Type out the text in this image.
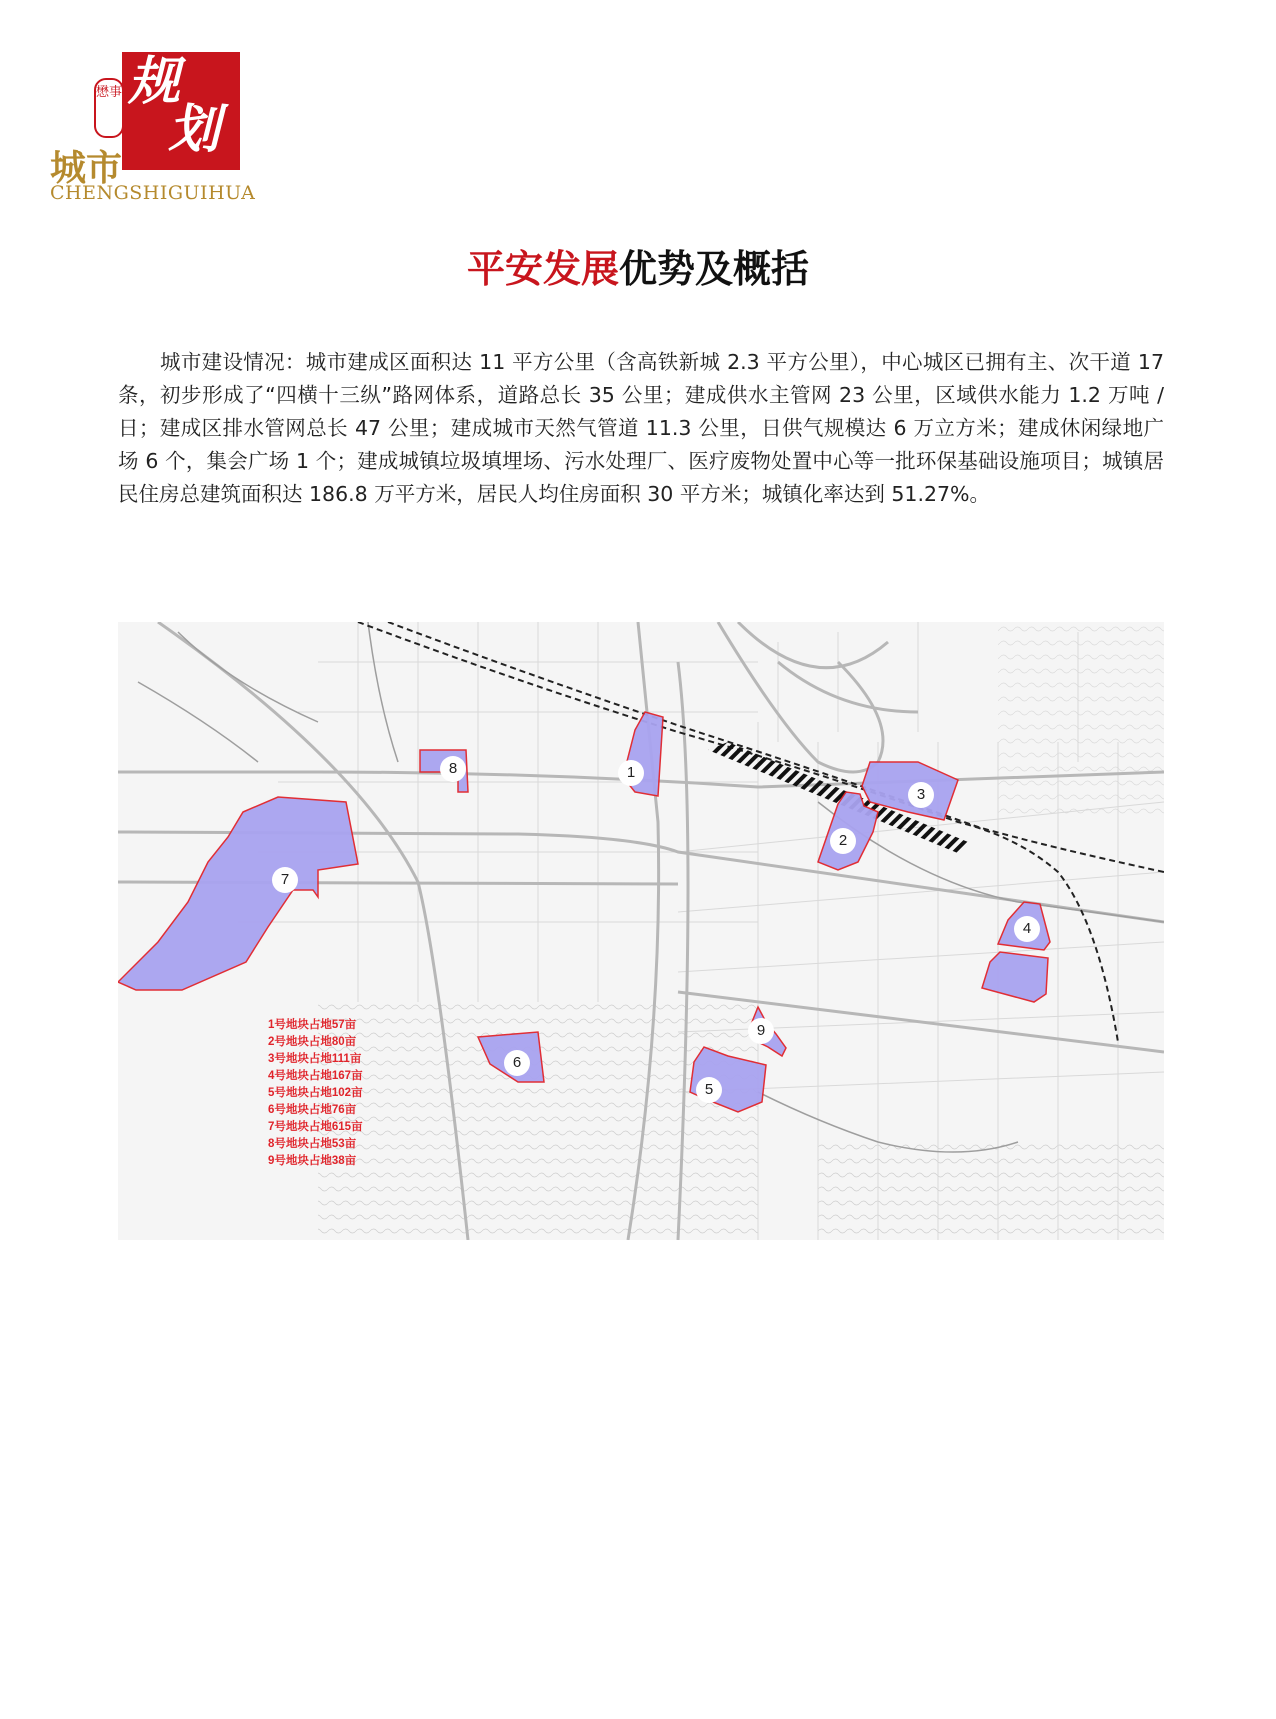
规
划
懋事
城市
CHENGSHIGUIHUA
平安发展优势及概括
城市建设情况：城市建成区面积达 11 平方公里（含高铁新城 2.3 平方公里），中心城区已拥有主、次干道 17 条，初步形成了“四横十三纵”路网体系，道路总长 35 公里；建成供水主管网 23 公里，区域供水能力 1.2 万吨 / 日；建成区排水管网总长 47 公里；建成城市天然气管道 11.3 公里，日供气规模达 6 万立方米；建成休闲绿地广场 6 个，集会广场 1 个；建成城镇垃圾填埋场、污水处理厂、医疗废物处置中心等一批环保基础设施项目；城镇居民住房总建筑面积达 186.8 万平方米，居民人均住房面积 30 平方米；城镇化率达到 51.27%。
1
2
3
4
5
6
7
8
9
1号地块占地57亩
2号地块占地80亩
3号地块占地111亩
4号地块占地167亩
5号地块占地102亩
6号地块占地76亩
7号地块占地615亩
8号地块占地53亩
9号地块占地38亩
